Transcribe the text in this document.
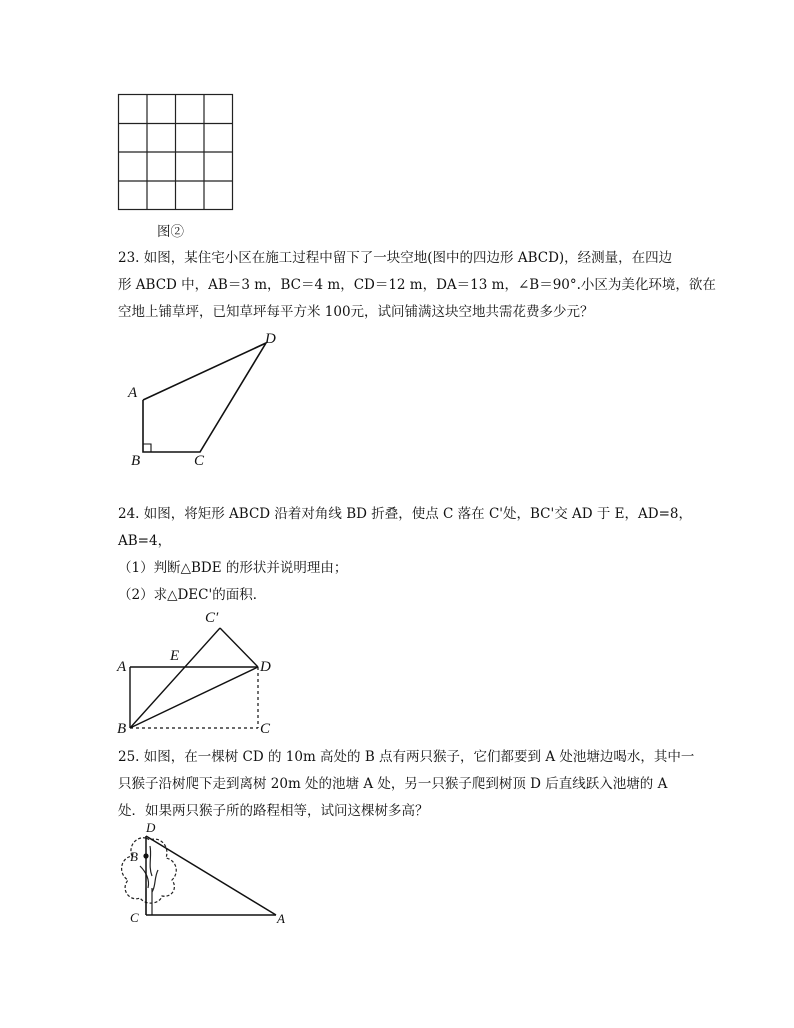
图②
23. 如图，某住宅小区在施工过程中留下了一块空地(图中的四边形 ABCD)，经测量，在四边
形 ABCD 中，AB＝3 m，BC＝4 m，CD＝12 m，DA＝13 m，∠B＝90°.小区为美化环境，欲在
空地上铺草坪，已知草坪每平方米 100元，试问铺满这块空地共需花费多少元？
A
B	C
D
24. 如图，将矩形 ABCD 沿着对角线 BD 折叠，使点 C 落在 C'处，BC'交 AD 于 E，AD=8，
AB=4，
（1）判断△BDE 的形状并说明理由；
（2）求△DEC'的面积．
A
E
D
B	C
C′
25. 如图，在一棵树 CD 的 10m 高处的 B 点有两只猴子，它们都要到 A 处池塘边喝水，其中一
只猴子沿树爬下走到离树 20m 处的池塘 A 处，另一只猴子爬到树顶 D 后直线跃入池塘的 A
处．如果两只猴子所的路程相等，试问这棵树多高？
D
B
C	A
